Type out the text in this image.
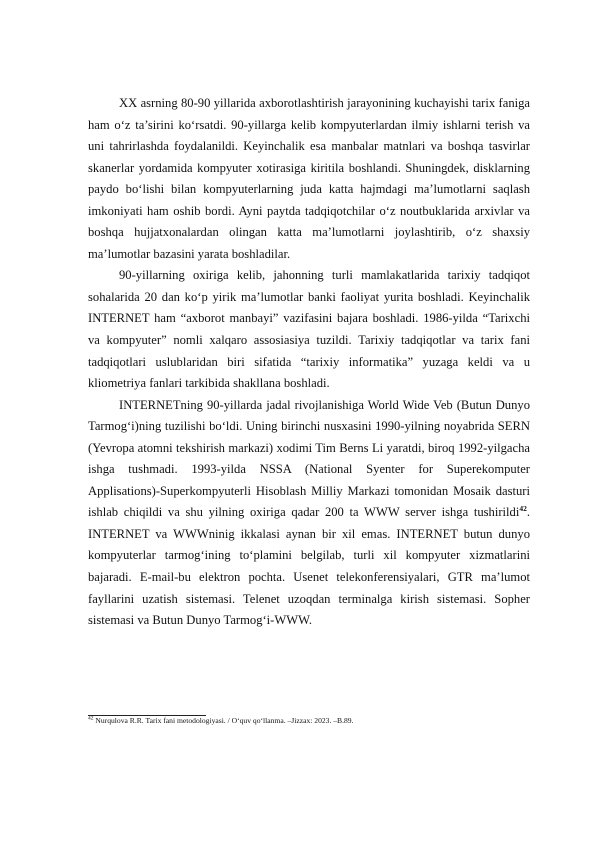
XX asrning 80-90 yillarida axborotlashtirish jarayonining kuchayishi tarix faniga ham o‘z ta’sirini ko‘rsatdi. 90-yillarga kelib kompyuterlardan ilmiy ishlarni terish va uni tahrirlashda foydalanildi. Keyinchalik esa manbalar matnlari va boshqa tasvirlar skanerlar yordamida kompyuter xotirasiga kiritila boshlandi. Shuningdek, disklarning paydo bo‘lishi bilan kompyuterlarning juda katta hajmdagi ma’lumotlarni saqlash imkoniyati ham oshib bordi. Ayni paytda tadqiqotchilar o‘z noutbuklarida arxivlar va boshqa hujjatxonalardan olingan katta ma’lumotlarni joylashtirib, o‘z shaxsiy ma’lumotlar bazasini yarata boshladilar.

90-yillarning oxiriga kelib, jahonning turli mamlakatlarida tarixiy tadqiqot sohalarida 20 dan ko‘p yirik ma’lumotlar banki faoliyat yurita boshladi. Keyinchalik INTERNET ham “axborot manbayi” vazifasini bajara boshladi. 1986-yilda “Tarixchi va kompyuter” nomli xalqaro assosiasiya tuzildi. Tarixiy tadqiqotlar va tarix fani tadqiqotlari uslublaridan biri sifatida “tarixiy informatika” yuzaga keldi va u kliometriya fanlari tarkibida shakllana boshladi.

INTERNETning 90-yillarda jadal rivojlanishiga World Wide Veb (Butun Dunyo Tarmog‘i)ning tuzilishi bo‘ldi. Uning birinchi nusxasini 1990-yilning noyabrida SERN (Yevropa atomni tekshirish markazi) xodimi Tim Berns Li yaratdi, biroq 1992-yilgacha ishga tushmadi. 1993-yilda NSSA (National Syenter for Superekomputer Applisations)-Superkompyuterli Hisoblash Milliy Markazi tomonidan Mosaik dasturi ishlab chiqildi va shu yilning oxiriga qadar 200 ta WWW server ishga tushirildi$^{42}$. INTERNET va WWWninig ikkalasi aynan bir xil emas. INTERNET butun dunyo kompyuterlar tarmog‘ining to‘plamini belgilab, turli xil kompyuter xizmatlarini bajaradi. E-mail-bu elektron pochta. Usenet telekonferensiyalari, GTR ma’lumot fayllarini uzatish sistemasi. Telenet uzoqdan terminalga kirish sistemasi. Sopher sistemasi va Butun Dunyo Tarmog‘i-WWW.

$^{42}$ Nurqulova R.R. Tarix fani metodologiyasi. / O‘quv qo‘llanma. –Jizzax: 2023. –B.89.
